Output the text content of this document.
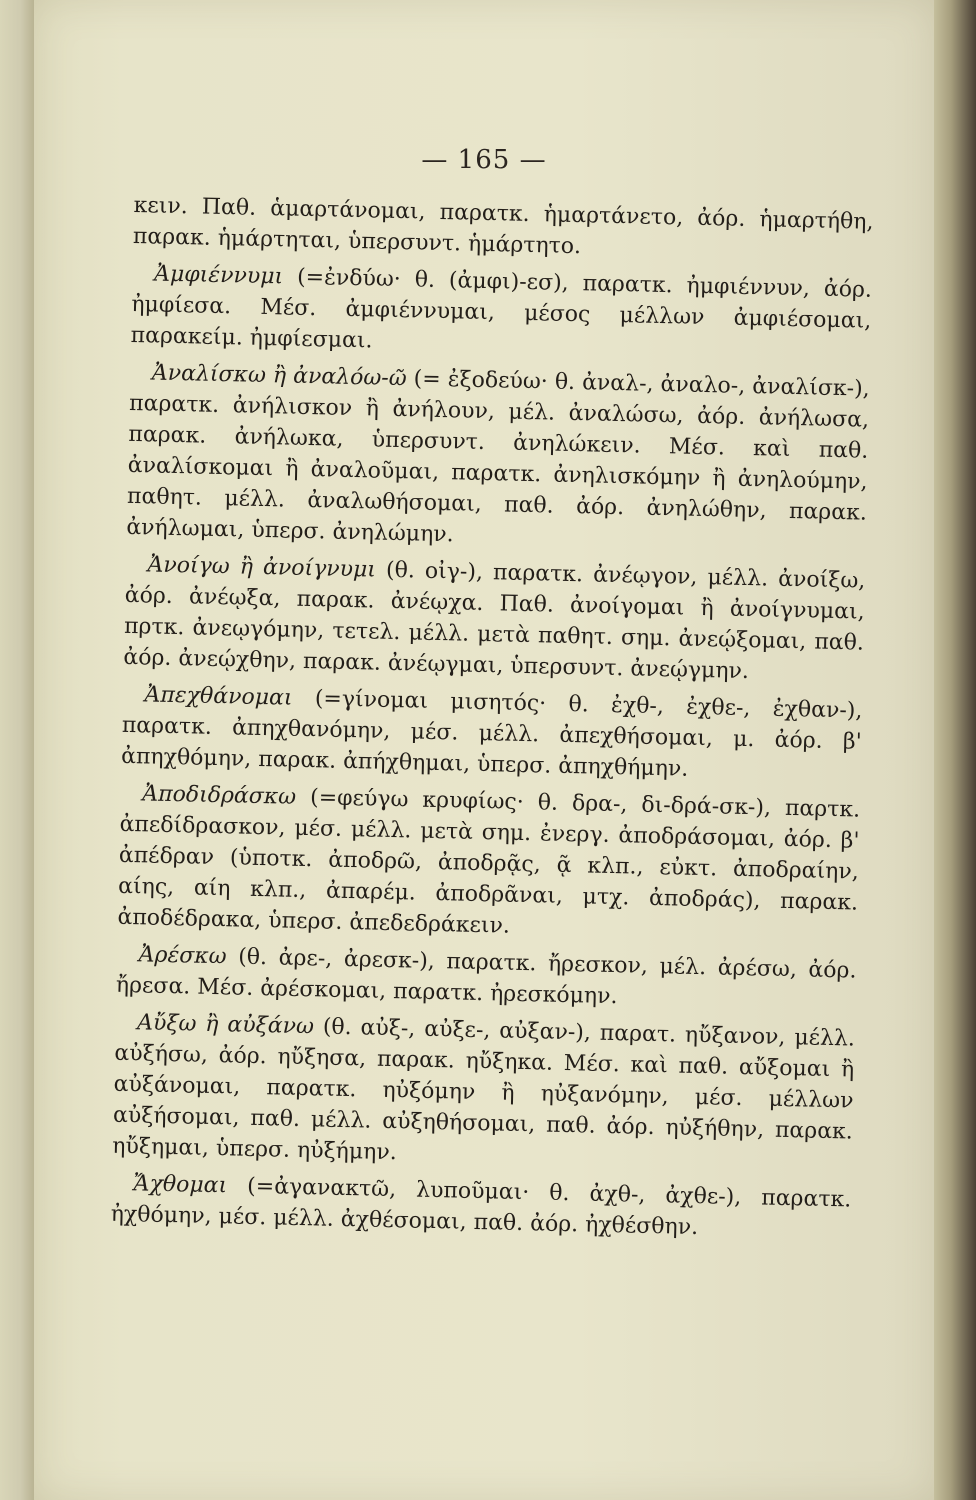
— 165 —

κειν. Παθ. ἁμαρτάνομαι, παρατκ. ἡμαρτάνετο, ἀόρ. ἡμαρτήθη, παρακ. ἡμάρτηται, ὑπερσυντ. ἡμάρτητο.

Ἀμφιέννυμι (=ἐνδύω· θ. (ἀμφι)-εσ), παρατκ. ἠμφιέννυν, ἀόρ. ἠμφίεσα. Μέσ. ἀμφιέννυμαι, μέσος μέλλων ἀμφιέσομαι, παρακείμ. ἠμφίεσμαι.

Ἀναλίσκω ἢ ἀναλόω-ῶ (= ἐξοδεύω· θ. ἀναλ-, ἀναλο-, ἀναλίσκ-), παρατκ. ἀνήλισκον ἢ ἀνήλουν, μέλ. ἀναλώσω, ἀόρ. ἀνήλωσα, παρακ. ἀνήλωκα, ὑπερσυντ. ἀνηλώκειν. Μέσ. καὶ παθ. ἀναλίσκομαι ἢ ἀναλοῦμαι, παρατκ. ἀνηλισκόμην ἢ ἀνηλούμην, παθητ. μέλλ. ἀναλωθήσομαι, παθ. ἀόρ. ἀνηλώθην, παρακ. ἀνήλωμαι, ὑπερσ. ἀνηλώμην.

Ἀνοίγω ἢ ἀνοίγνυμι (θ. οἰγ-), παρατκ. ἀνέῳγον, μέλλ. ἀνοίξω, ἀόρ. ἀνέῳξα, παρακ. ἀνέῳχα. Παθ. ἀνοίγομαι ἢ ἀνοίγνυμαι, πρτκ. ἀνεῳγόμην, τετελ. μέλλ. μετὰ παθητ. σημ. ἀνεῴξομαι, παθ. ἀόρ. ἀνεῴχθην, παρακ. ἀνέῳγμαι, ὑπερσυντ. ἀνεῴγμην.

Ἀπεχθάνομαι (=γίνομαι μισητός· θ. ἐχθ-, ἐχθε-, ἐχθαν-), παρατκ. ἀπηχθανόμην, μέσ. μέλλ. ἀπεχθήσομαι, μ. ἀόρ. β' ἀπηχθόμην, παρακ. ἀπήχθημαι, ὑπερσ. ἀπηχθήμην.

Ἀποδιδράσκω (=φεύγω κρυφίως· θ. δρα-, δι-δρά-σκ-), παρτκ. ἀπεδίδρασκον, μέσ. μέλλ. μετὰ σημ. ἐνεργ. ἀποδράσομαι, ἀόρ. β' ἀπέδραν (ὑποτκ. ἀποδρῶ, ἀποδρᾷς, ᾷ κλπ., εὐκτ. ἀποδραίην, αίης, αίη κλπ., ἀπαρέμ. ἀποδρᾶναι, μτχ. ἀποδράς), παρακ. ἀποδέδρακα, ὑπερσ. ἀπεδεδράκειν.

Ἀρέσκω (θ. ἀρε-, ἀρεσκ-), παρατκ. ἤρεσκον, μέλ. ἀρέσω, ἀόρ. ἤρεσα. Μέσ. ἀρέσκομαι, παρατκ. ἠρεσκόμην.

Αὔξω ἢ αὐξάνω (θ. αὐξ-, αὐξε-, αὐξαν-), παρατ. ηὔξανον, μέλλ. αὐξήσω, ἀόρ. ηὔξησα, παρακ. ηὔξηκα. Μέσ. καὶ παθ. αὔξομαι ἢ αὐξάνομαι, παρατκ. ηὐξόμην ἢ ηὐξανόμην, μέσ. μέλλων αὐξήσομαι, παθ. μέλλ. αὐξηθήσομαι, παθ. ἀόρ. ηὐξήθην, παρακ. ηὔξημαι, ὑπερσ. ηὐξήμην.

Ἄχθομαι (=ἀγανακτῶ, λυποῦμαι· θ. ἀχθ-, ἀχθε-), παρατκ. ἠχθόμην, μέσ. μέλλ. ἀχθέσομαι, παθ. ἀόρ. ἠχθέσθην.
